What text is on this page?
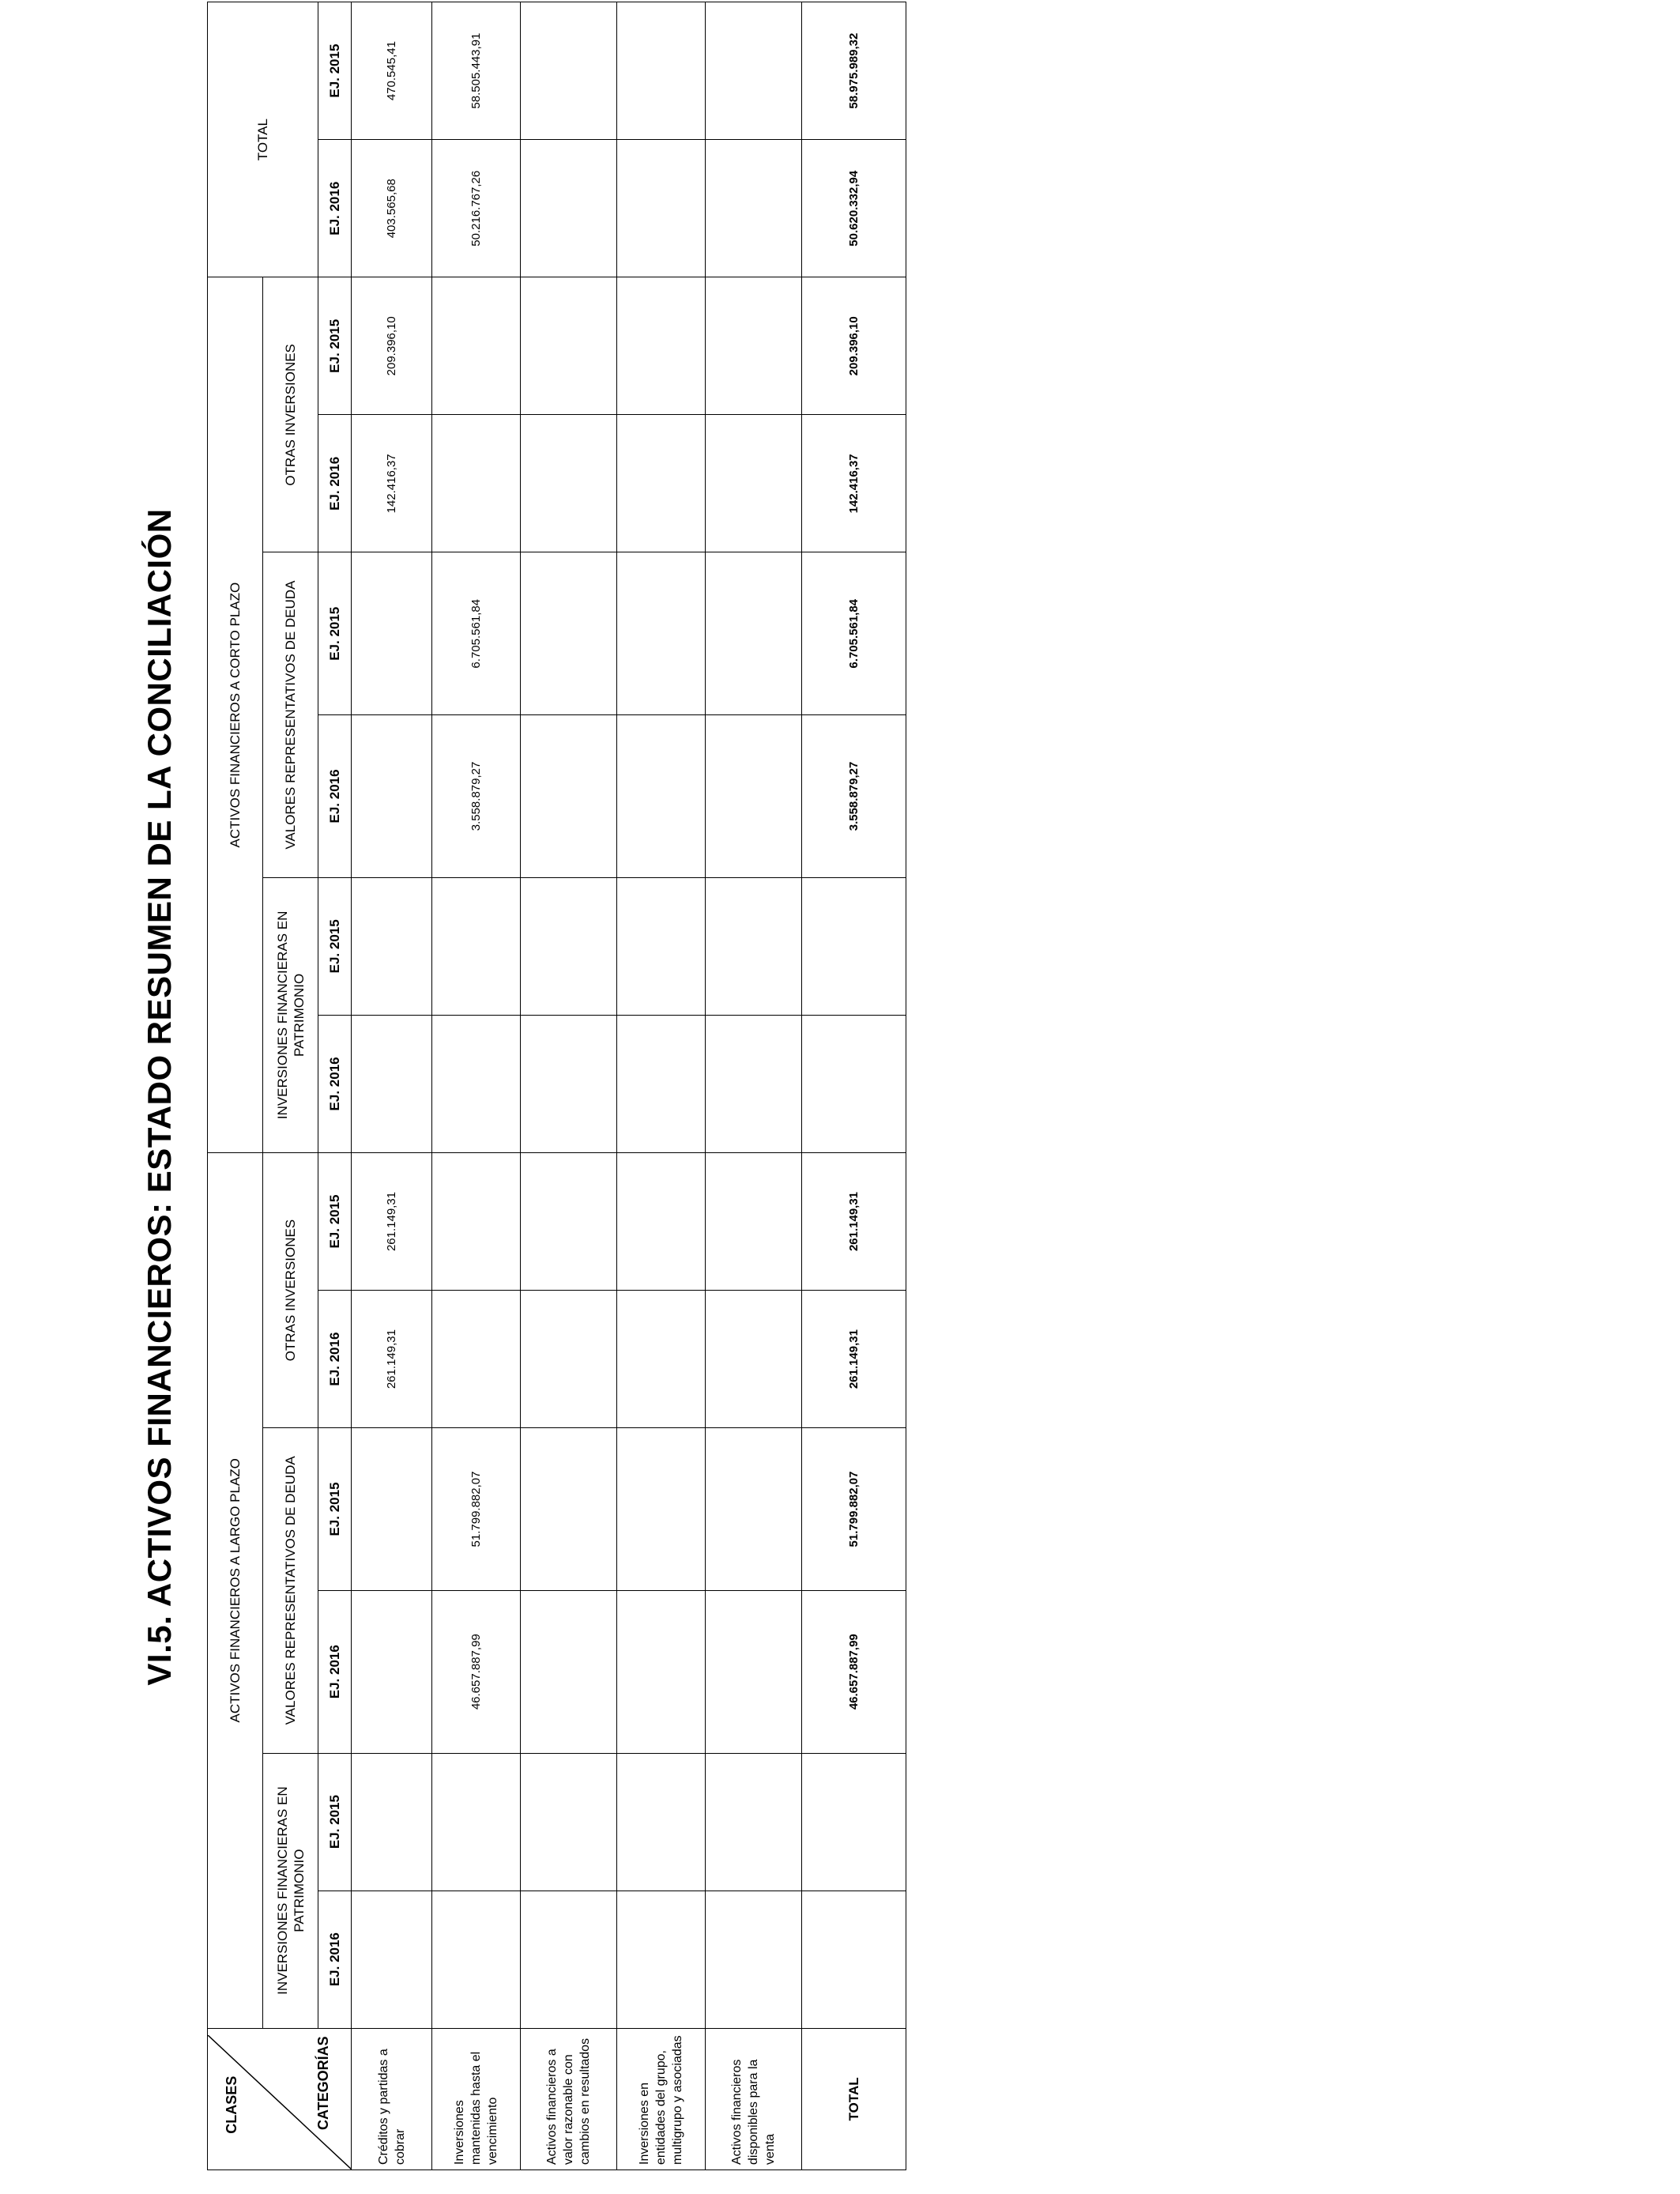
VI.5. ACTIVOS FINANCIEROS: ESTADO RESUMEN DE LA CONCILIACIÓN
CLASES CATEGORÍAS	ACTIVOS FINANCIEROS A LARGO PLAZO						ACTIVOS FINANCIEROS A CORTO PLAZO						TOTAL	
	INVERSIONES FINANCIERAS EN PATRIMONIO		VALORES REPRESENTATIVOS DE DEUDA		OTRAS INVERSIONES		INVERSIONES FINANCIERAS EN PATRIMONIO		VALORES REPRESENTATIVOS DE DEUDA		OTRAS INVERSIONES			
	EJ. 2016	EJ. 2015	EJ. 2016	EJ. 2015	EJ. 2016	EJ. 2015	EJ. 2016	EJ. 2015	EJ. 2016	EJ. 2015	EJ. 2016	EJ. 2015	EJ. 2016	EJ. 2015
Créditos y partidas a cobrar					261.149,31	261.149,31					142.416,37	209.396,10	403.565,68	470.545,41
Inversiones mantenidas hasta el vencimiento			46.657.887,99	51.799.882,07					3.558.879,27	6.705.561,84			50.216.767,26	58.505.443,91
Activos financieros a valor razonable con cambios en resultados														
Inversiones en entidades del grupo, multigrupo y asociadas														
Activos financieros disponibles para la venta														
TOTAL			46.657.887,99	51.799.882,07	261.149,31	261.149,31			3.558.879,27	6.705.561,84	142.416,37	209.396,10	50.620.332,94	58.975.989,32
